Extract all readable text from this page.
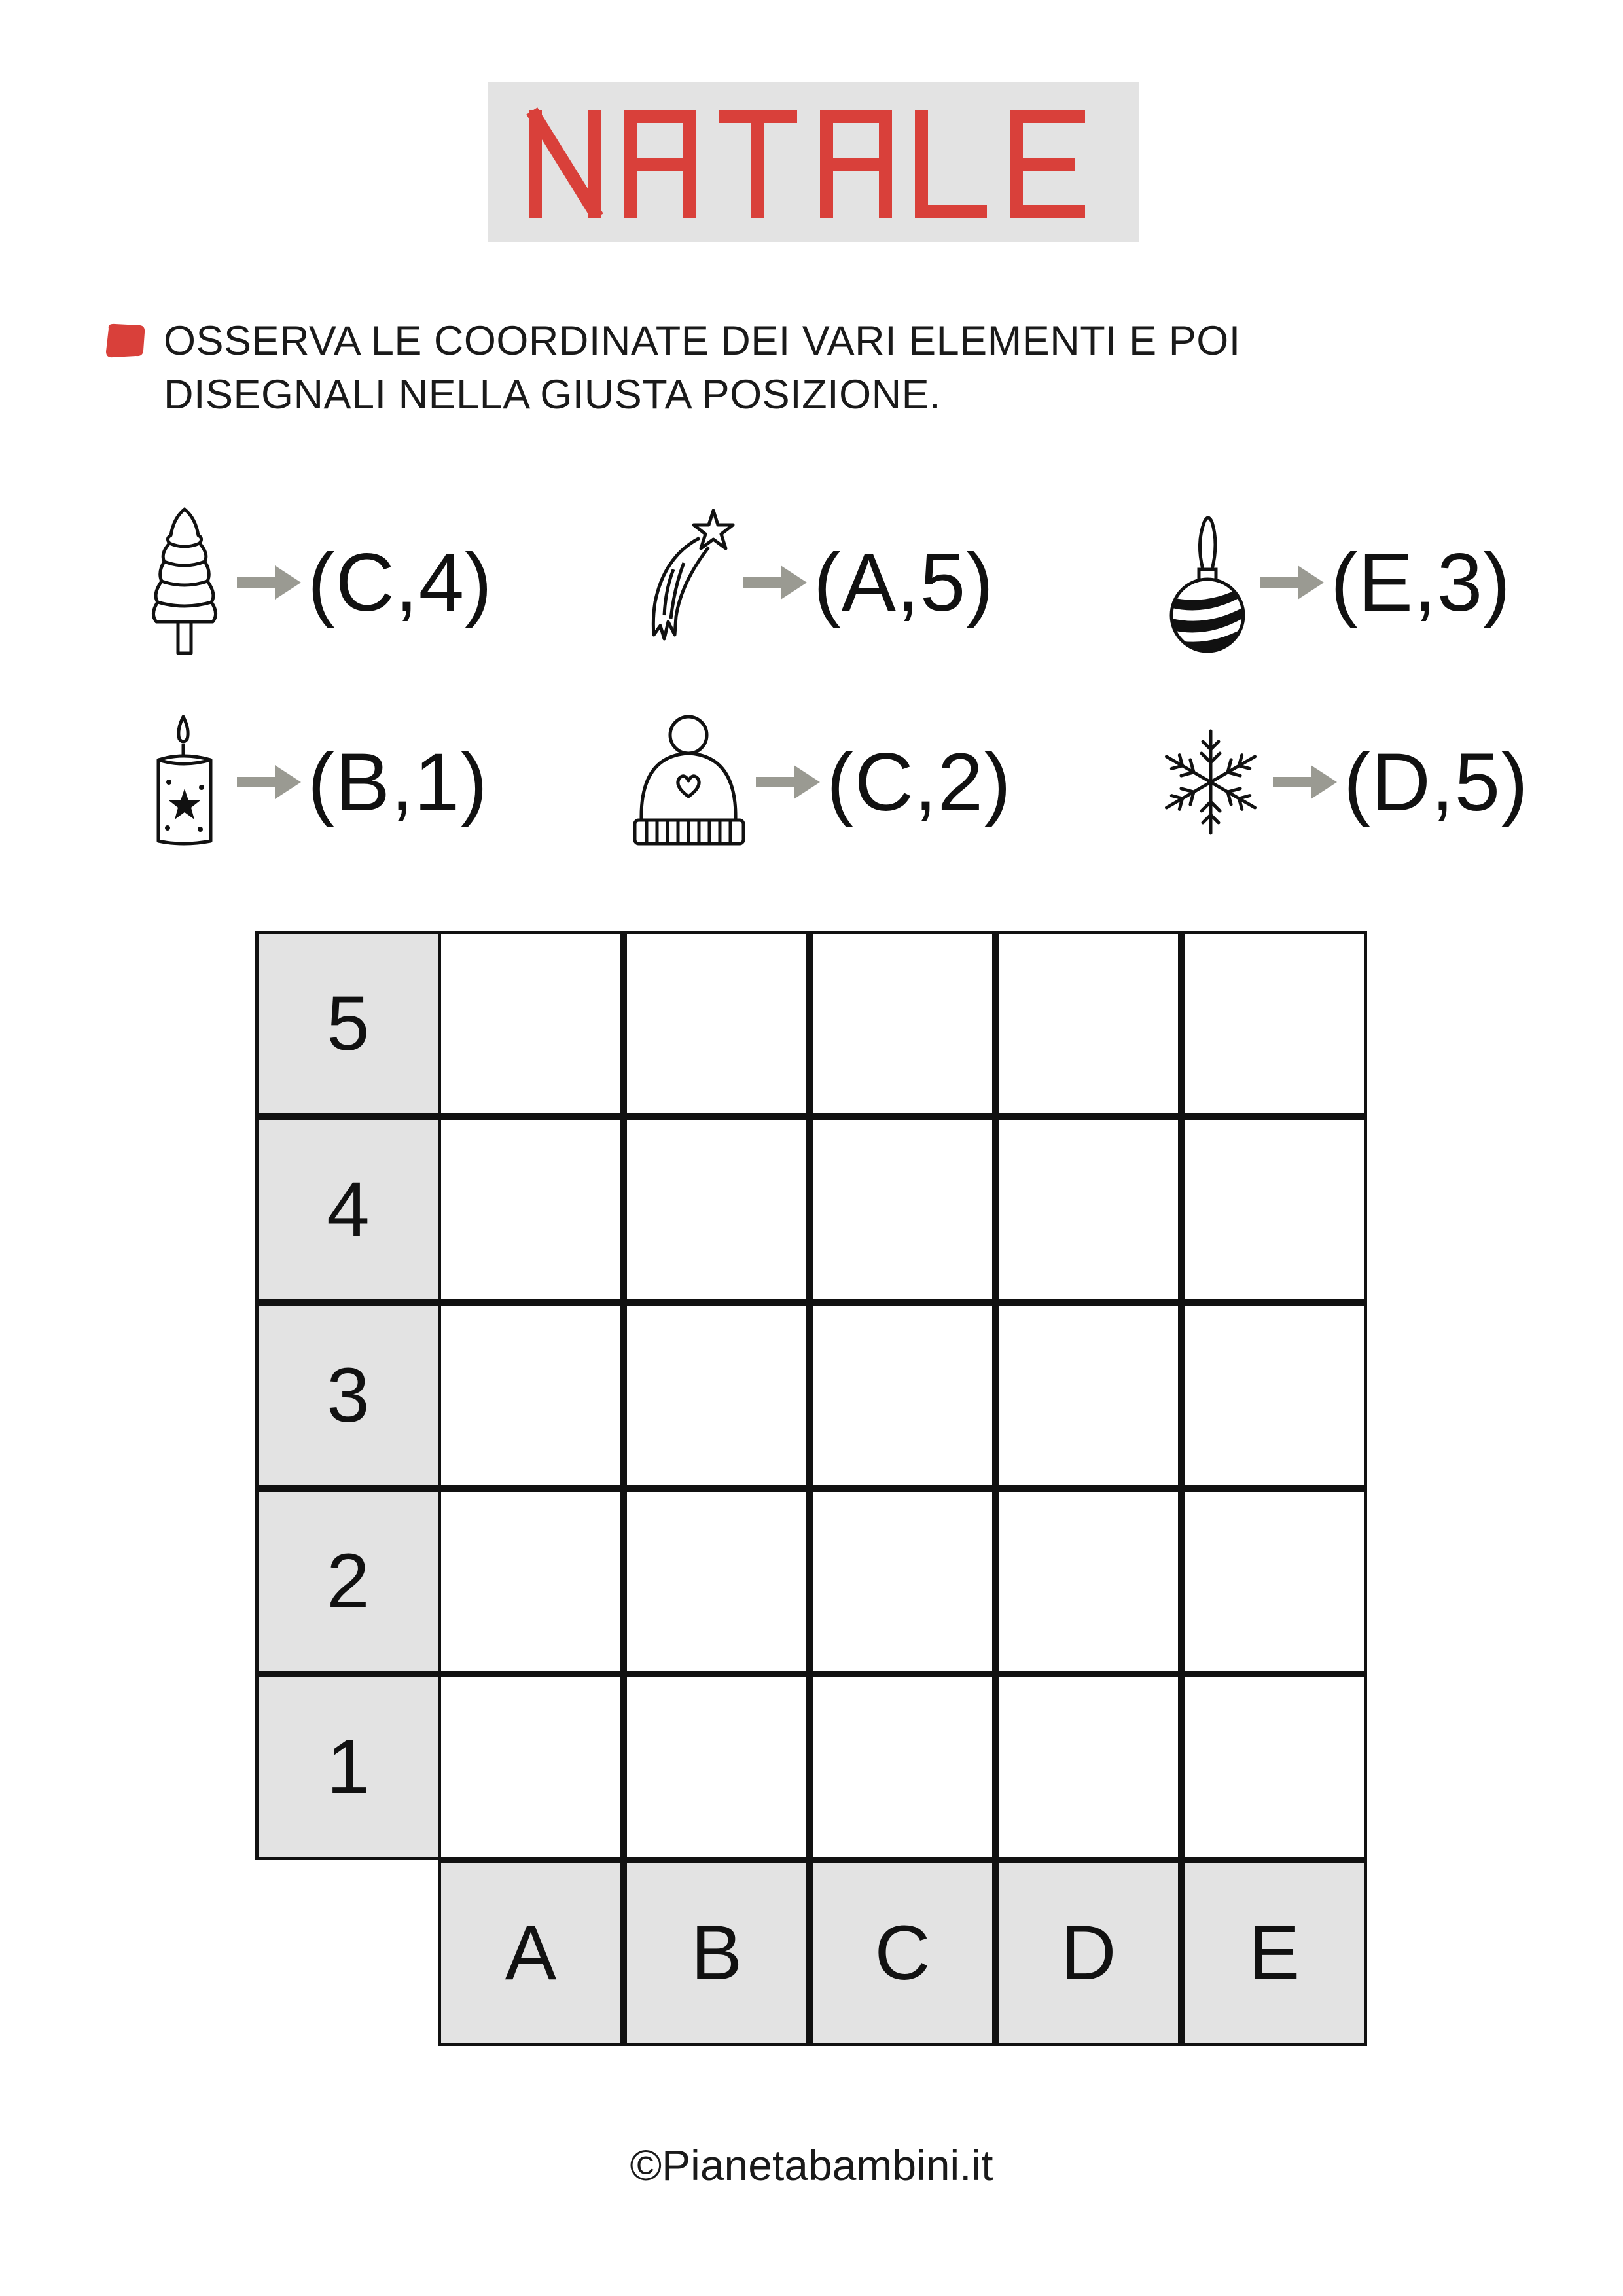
OSSERVA LE COORDINATE DEI VARI ELEMENTI E POI
DISEGNALI NELLA GIUSTA POSIZIONE.
(C,4)	(A,5)	(E,3)
(B,1)	(C,2)	(D,5)
5
4
3
2
1
A	B	C	D	E
©Pianetabambini.it
